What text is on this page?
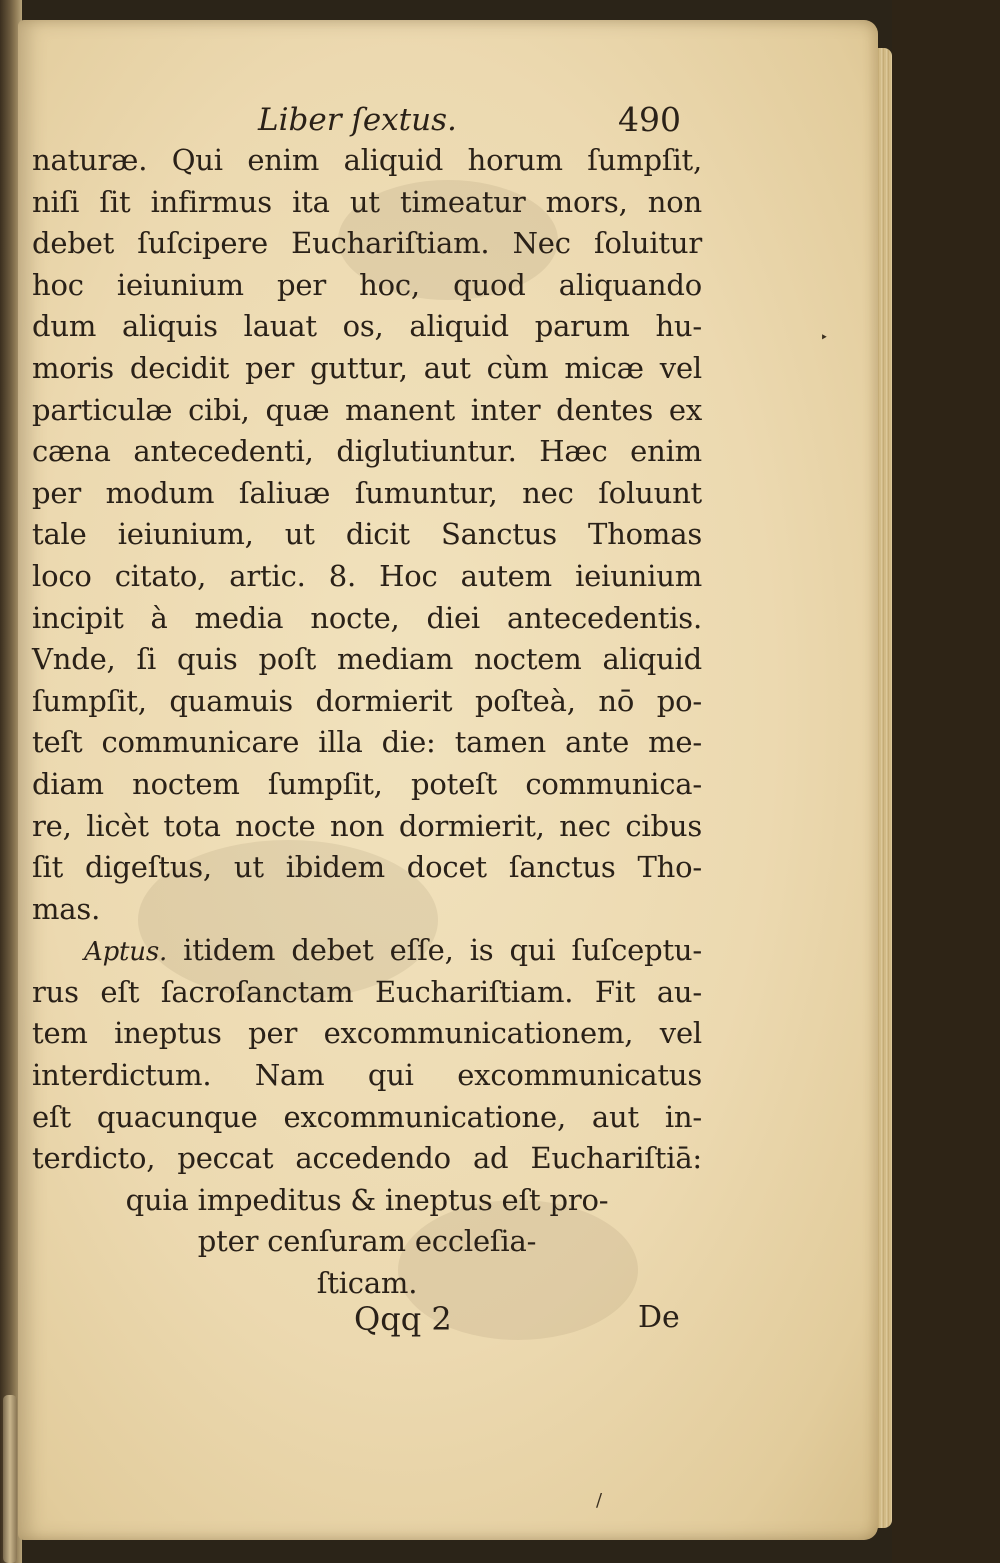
‣
/
Liber ſextus.	490
naturæ. Qui enim aliquid horum ſumpſit,
niſi ſit infirmus ita ut timeatur mors, non
debet ſuſcipere Euchariſtiam. Nec ſoluitur
hoc ieiunium per hoc, quod aliquando
dum aliquis lauat os, aliquid parum hu-
moris decidit per guttur, aut cùm micæ vel
particulæ cibi, quæ manent inter dentes ex
cæna antecedenti, diglutiuntur. Hæc enim
per modum ſaliuæ ſumuntur, nec ſoluunt
tale ieiunium, ut dicit Sanctus Thomas
loco citato, artic. 8. Hoc autem ieiunium
incipit à media nocte, diei antecedentis.
Vnde, ſi quis poſt mediam noctem aliquid
ſumpſit, quamuis dormierit poſteà, nō po-
teſt communicare illa die: tamen ante me-
diam noctem ſumpſit, poteſt communica-
re, licèt tota nocte non dormierit, nec cibus
ſit digeſtus, ut ibidem docet ſanctus Tho-
mas.
Aptus. itidem debet eſſe, is qui ſuſceptu-
rus eſt ſacroſanctam Euchariſtiam. Fit au-
tem ineptus per excommunicationem, vel
interdictum. Nam qui excommunicatus
eſt quacunque excommunicatione, aut in-
terdicto, peccat accedendo ad Euchariſtiā:
quia impeditus & ineptus eſt pro-
pter cenſuram eccleſia-
ſticam.
Qqq 2	De
